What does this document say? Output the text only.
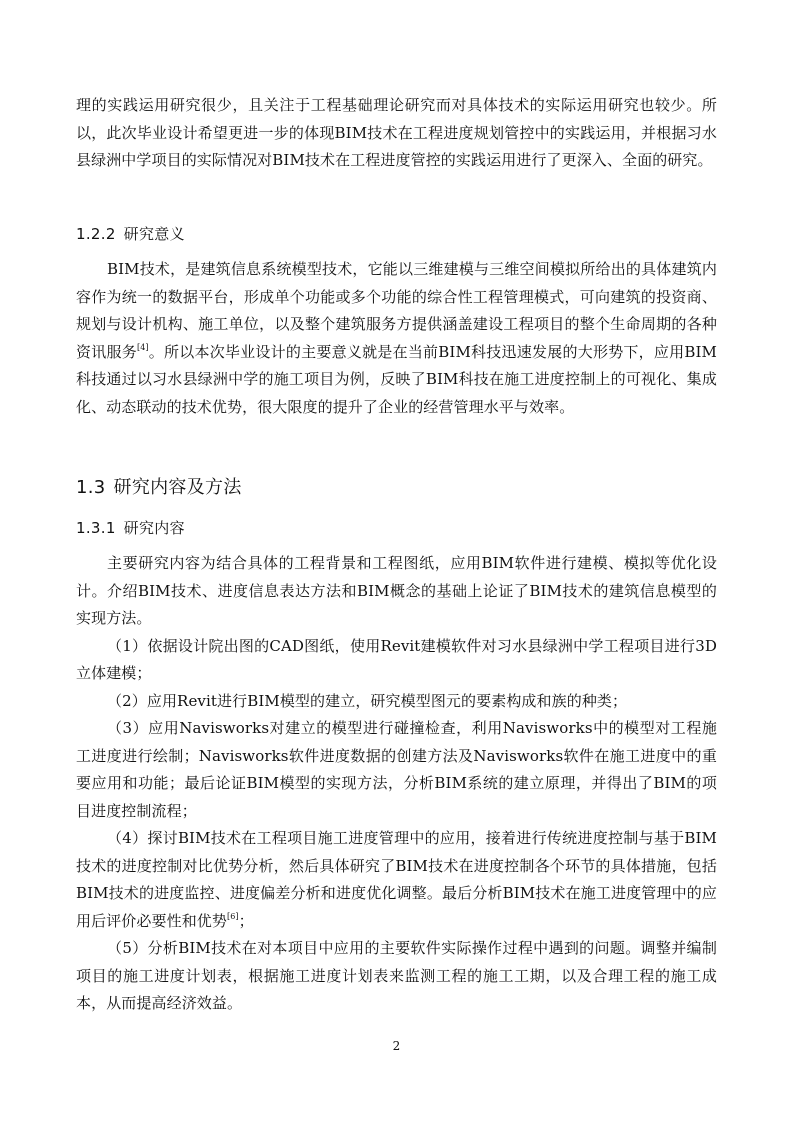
理的实践运用研究很少，且关注于工程基础理论研究而对具体技术的实际运用研究也较少。所以，此次毕业设计希望更进一步的体现BIM技术在工程进度规划管控中的实践运用，并根据习水县绿洲中学项目的实际情况对BIM技术在工程进度管控的实践运用进行了更深入、全面的研究。

1.2.2 研究意义

BIM技术，是建筑信息系统模型技术，它能以三维建模与三维空间模拟所给出的具体建筑内容作为统一的数据平台，形成单个功能或多个功能的综合性工程管理模式，可向建筑的投资商、规划与设计机构、施工单位，以及整个建筑服务方提供涵盖建设工程项目的整个生命周期的各种资讯服务[4]。所以本次毕业设计的主要意义就是在当前BIM科技迅速发展的大形势下，应用BIM科技通过以习水县绿洲中学的施工项目为例，反映了BIM科技在施工进度控制上的可视化、集成化、动态联动的技术优势，很大限度的提升了企业的经营管理水平与效率。

1.3 研究内容及方法
1.3.1 研究内容

主要研究内容为结合具体的工程背景和工程图纸，应用BIM软件进行建模、模拟等优化设计。介绍BIM技术、进度信息表达方法和BIM概念的基础上论证了BIM技术的建筑信息模型的实现方法。

（1）依据设计院出图的CAD图纸，使用Revit建模软件对习水县绿洲中学工程项目进行3D立体建模；

（2）应用Revit进行BIM模型的建立，研究模型图元的要素构成和族的种类；

（3）应用Navisworks对建立的模型进行碰撞检查，利用Navisworks中的模型对工程施工进度进行绘制；Navisworks软件进度数据的创建方法及Navisworks软件在施工进度中的重要应用和功能；最后论证BIM模型的实现方法，分析BIM系统的建立原理，并得出了BIM的项目进度控制流程；

（4）探讨BIM技术在工程项目施工进度管理中的应用，接着进行传统进度控制与基于BIM技术的进度控制对比优势分析，然后具体研究了BIM技术在进度控制各个环节的具体措施，包括BIM技术的进度监控、进度偏差分析和进度优化调整。最后分析BIM技术在施工进度管理中的应用后评价必要性和优势[6]；

（5）分析BIM技术在对本项目中应用的主要软件实际操作过程中遇到的问题。调整并编制项目的施工进度计划表，根据施工进度计划表来监测工程的施工工期，以及合理工程的施工成本，从而提高经济效益。

2
